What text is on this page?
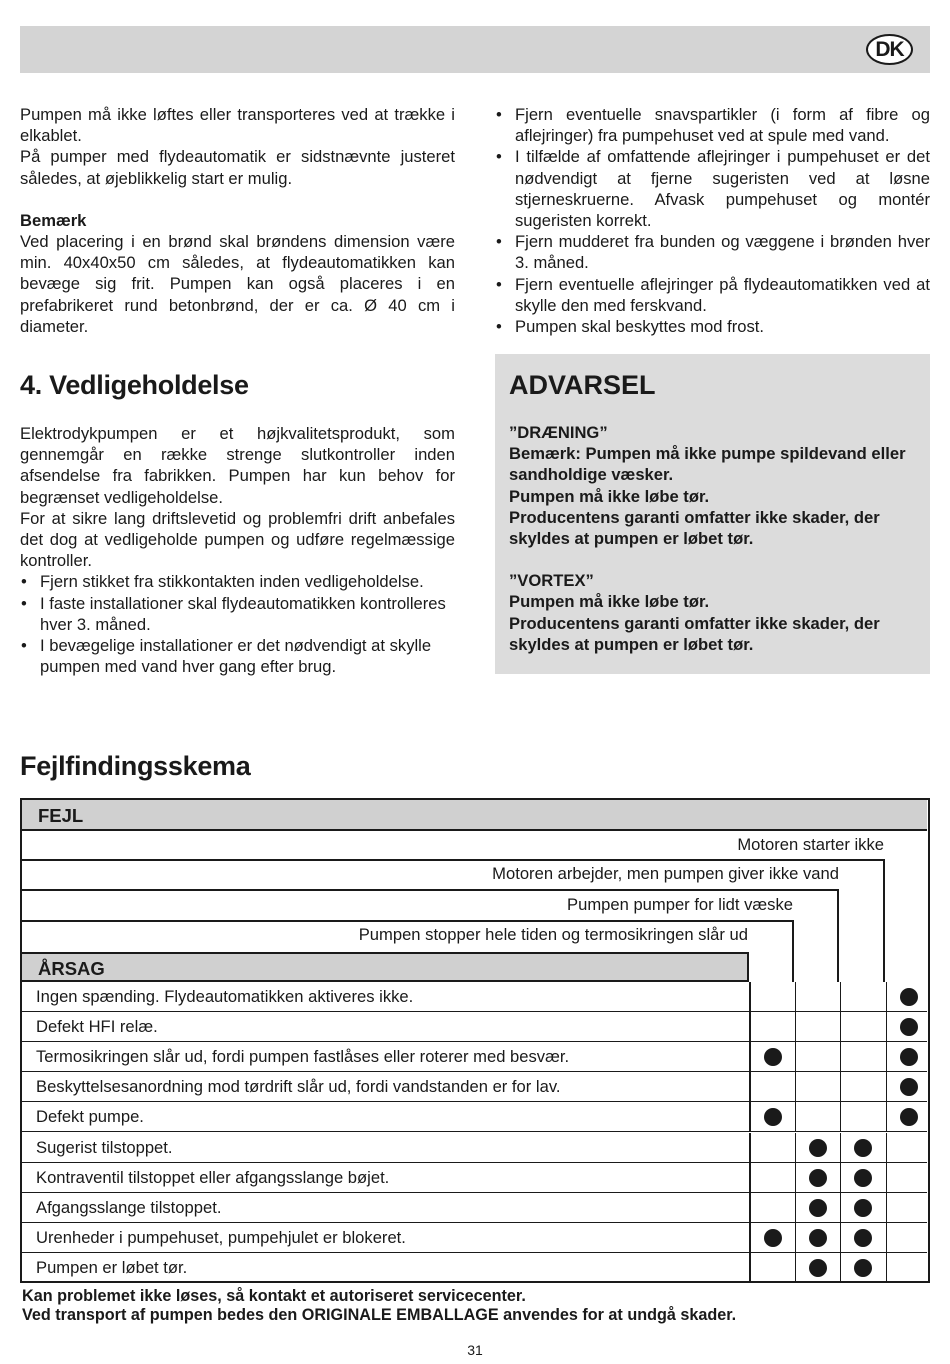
DK

Pumpen må ikke løftes eller transporteres ved at trække i elkablet.

På pumper med flydeautomatik er sidstnævnte justeret således, at øjeblikkelig start er mulig.

Bemærk

Ved placering i en brønd skal brøndens dimension være min. 40x40x50 cm således, at flydeautomatikken kan bevæge sig frit. Pumpen kan også placeres i en prefabrikeret rund betonbrønd, der er ca. Ø 40 cm i diameter.

• Fjern eventuelle snavspartikler (i form af fibre og aflejringer) fra pumpehuset ved at spule med vand.
• I tilfælde af omfattende aflejringer i pumpehuset er det nødvendigt at fjerne sugeristen ved at løsne stjerneskruerne. Afvask pumpehuset og montér sugeristen korrekt.
• Fjern mudderet fra bunden og væggene i brønden hver 3. måned.
• Fjern eventuelle aflejringer på flydeautomatikken ved at skylle den med ferskvand.
• Pumpen skal beskyttes mod frost.
4. Vedligeholdelse

Elektrodykpumpen er et højkvalitetsprodukt, som gennemgår en række strenge slutkontroller inden afsendelse fra fabrikken. Pumpen har kun behov for begrænset vedligeholdelse.

For at sikre lang driftslevetid og problemfri drift anbefales det dog at vedligeholde pumpen og udføre regelmæssige kontroller.

• Fjern stikket fra stikkontakten inden vedligeholdelse.
• I faste installationer skal flydeautomatikken kontrolleres hver 3. måned.
• I bevægelige installationer er det nødvendigt at skylle pumpen med vand hver gang efter brug.
ADVARSEL

”DRÆNING”

Bemærk: Pumpen må ikke pumpe spildevand eller sandholdige væsker.

Pumpen må ikke løbe tør.

Producentens garanti omfatter ikke skader, der skyldes at pumpen er løbet tør.

”VORTEX”

Pumpen må ikke løbe tør.

Producentens garanti omfatter ikke skader, der skyldes at pumpen er løbet tør.

Fejlfindingsskema
FEJL
Motoren starter ikke
Motoren arbejder, men pumpen giver ikke vand
Pumpen pumper for lidt væske
Pumpen stopper hele tiden og termosikringen slår ud
ÅRSAG
Ingen spænding. Flydeautomatikken aktiveres ikke.
Defekt HFI relæ.
Termosikringen slår ud, fordi pumpen fastlåses eller roterer med besvær.
Beskyttelsesanordning mod tørdrift slår ud, fordi vandstanden er for lav.
Defekt pumpe.
Sugerist tilstoppet.
Kontraventil tilstoppet eller afgangsslange bøjet.
Afgangsslange tilstoppet.
Urenheder i pumpehuset, pumpehjulet er blokeret.
Pumpen er løbet tør.

Kan problemet ikke løses, så kontakt et autoriseret servicecenter.

Ved transport af pumpen bedes den ORIGINALE EMBALLAGE anvendes for at undgå skader.

31
